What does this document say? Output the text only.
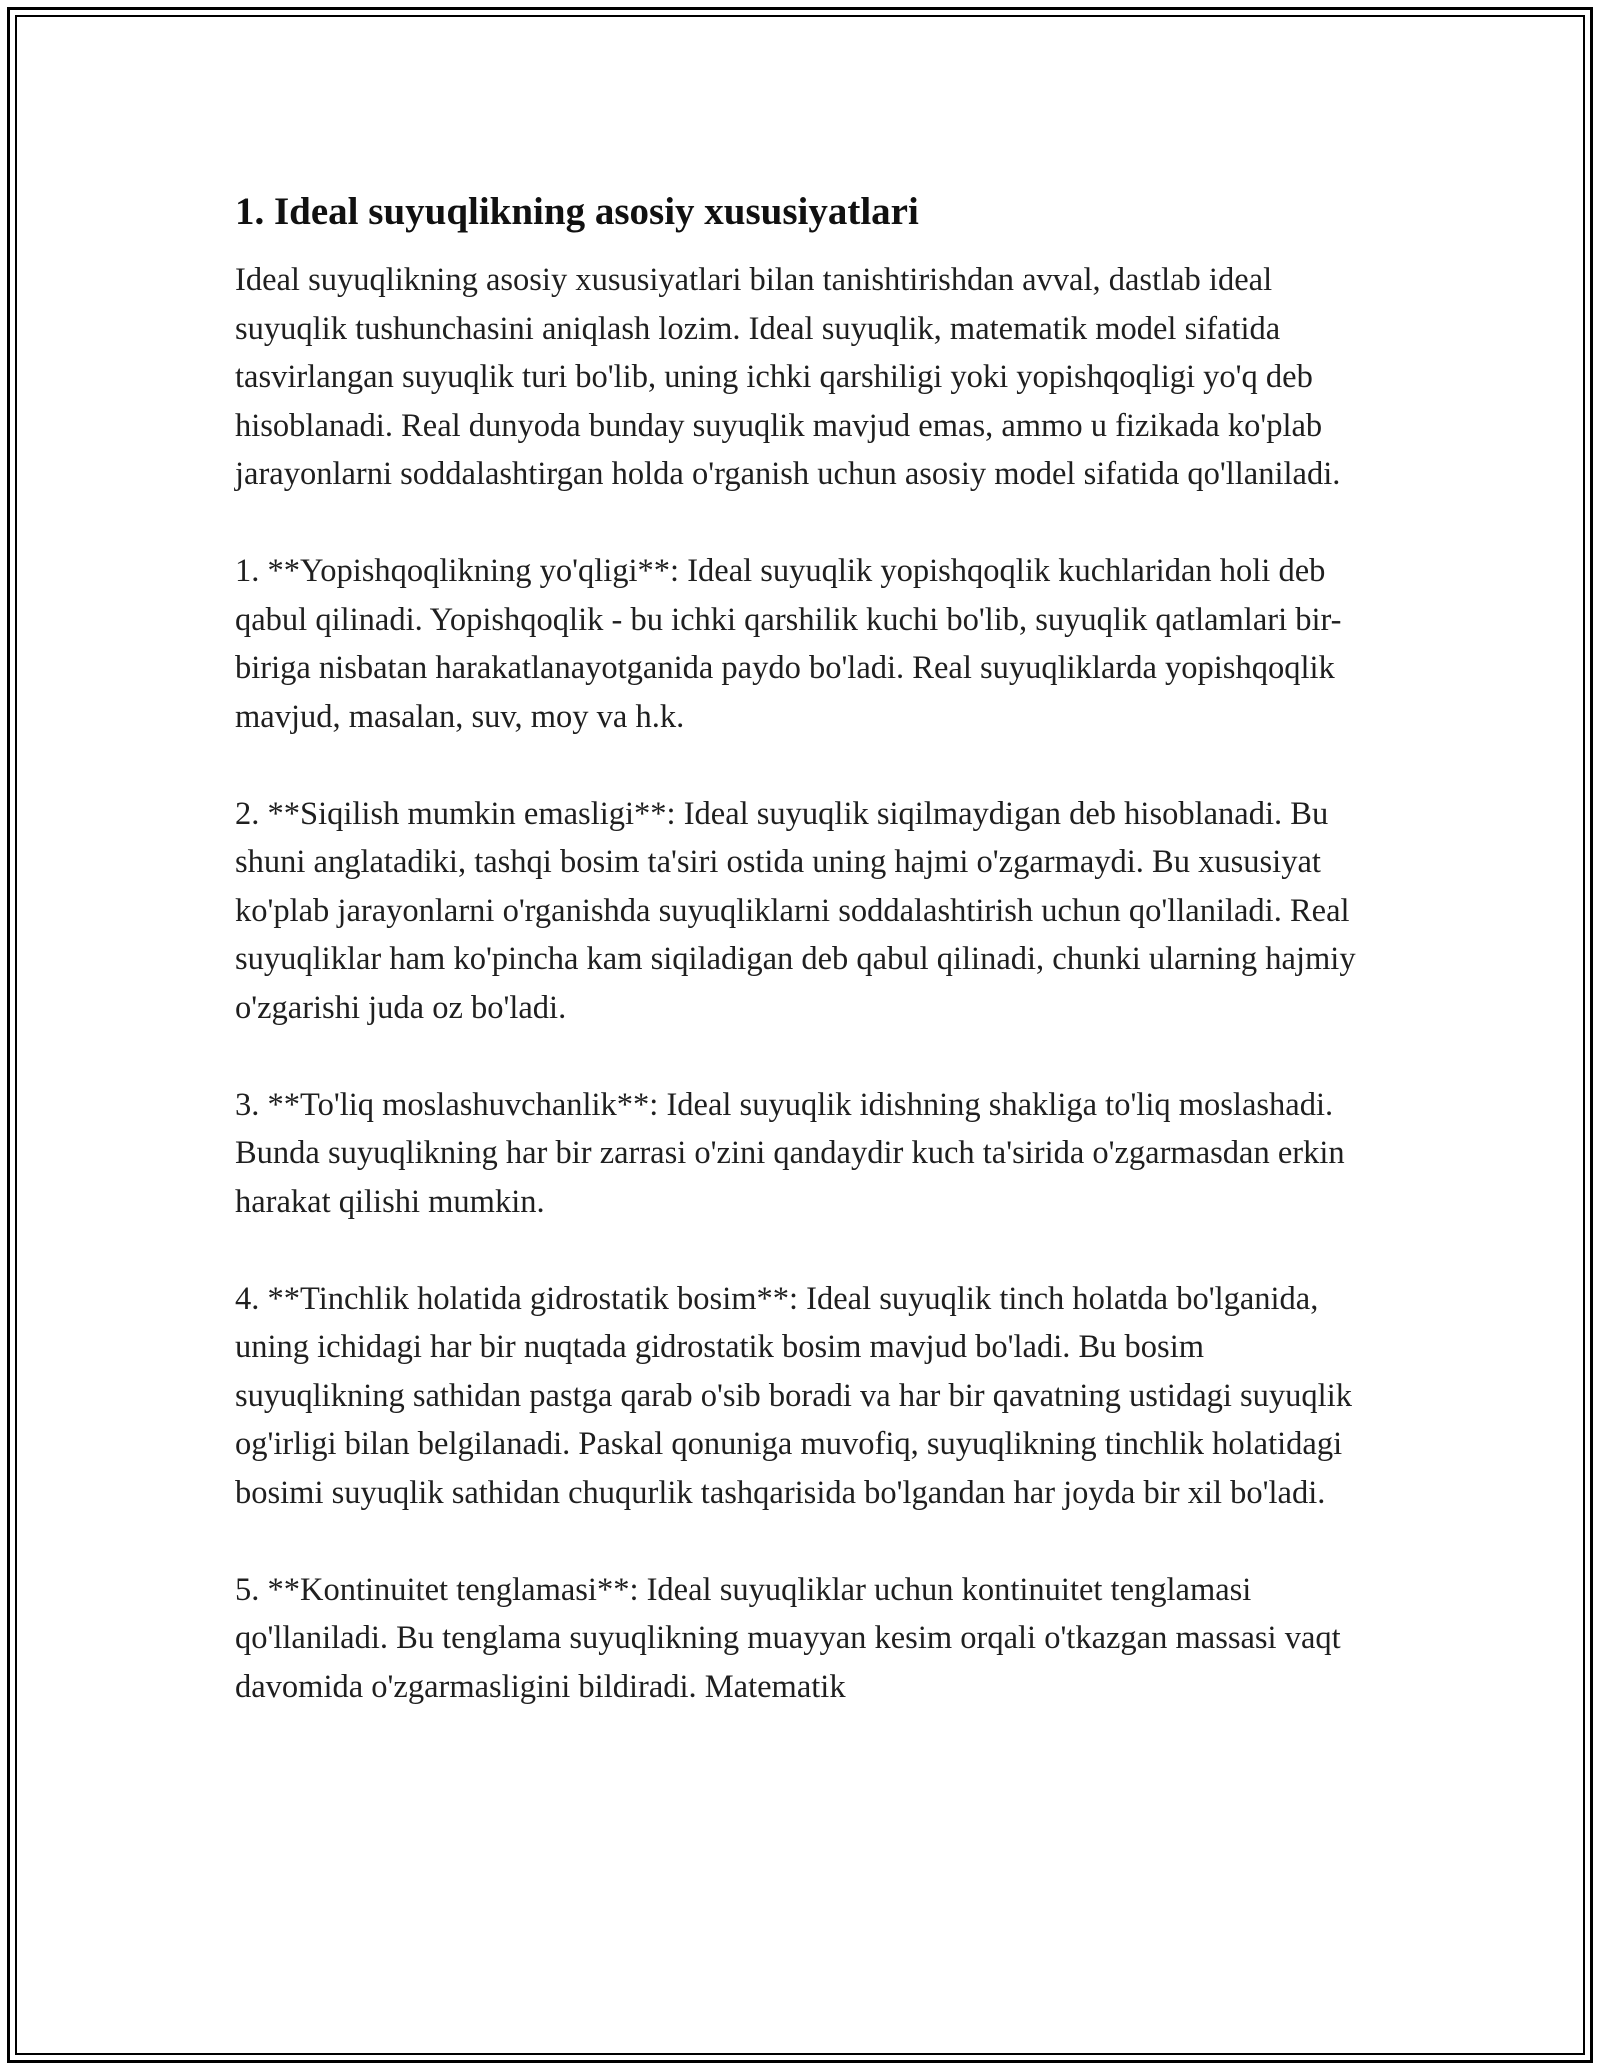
1. Ideal suyuqlikning asosiy xususiyatlari

Ideal suyuqlikning asosiy xususiyatlari bilan tanishtirishdan avval, dastlab ideal suyuqlik tushunchasini aniqlash lozim. Ideal suyuqlik, matematik model sifatida tasvirlangan suyuqlik turi bo'lib, uning ichki qarshiligi yoki yopishqoqligi yo'q deb hisoblanadi. Real dunyoda bunday suyuqlik mavjud emas, ammo u fizikada ko'plab jarayonlarni soddalashtirgan holda o'rganish uchun asosiy model sifatida qo'llaniladi.

1. **Yopishqoqlikning yo'qligi**: Ideal suyuqlik yopishqoqlik kuchlaridan holi deb qabul qilinadi. Yopishqoqlik - bu ichki qarshilik kuchi bo'lib, suyuqlik qatlamlari bir-biriga nisbatan harakatlanayotganida paydo bo'ladi. Real suyuqliklarda yopishqoqlik mavjud, masalan, suv, moy va h.k.

2. **Siqilish mumkin emasligi**: Ideal suyuqlik siqilmaydigan deb hisoblanadi. Bu shuni anglatadiki, tashqi bosim ta'siri ostida uning hajmi o'zgarmaydi. Bu xususiyat ko'plab jarayonlarni o'rganishda suyuqliklarni soddalashtirish uchun qo'llaniladi. Real suyuqliklar ham ko'pincha kam siqiladigan deb qabul qilinadi, chunki ularning hajmiy o'zgarishi juda oz bo'ladi.

3. **To'liq moslashuvchanlik**: Ideal suyuqlik idishning shakliga to'liq moslashadi. Bunda suyuqlikning har bir zarrasi o'zini qandaydir kuch ta'sirida o'zgarmasdan erkin harakat qilishi mumkin.

4. **Tinchlik holatida gidrostatik bosim**: Ideal suyuqlik tinch holatda bo'lganida, uning ichidagi har bir nuqtada gidrostatik bosim mavjud bo'ladi. Bu bosim suyuqlikning sathidan pastga qarab o'sib boradi va har bir qavatning ustidagi suyuqlik og'irligi bilan belgilanadi. Paskal qonuniga muvofiq, suyuqlikning tinchlik holatidagi bosimi suyuqlik sathidan chuqurlik tashqarisida bo'lgandan har joyda bir xil bo'ladi.

5. **Kontinuitet tenglamasi**: Ideal suyuqliklar uchun kontinuitet tenglamasi qo'llaniladi. Bu tenglama suyuqlikning muayyan kesim orqali o'tkazgan massasi vaqt davomida o'zgarmasligini bildiradi. Matematik
